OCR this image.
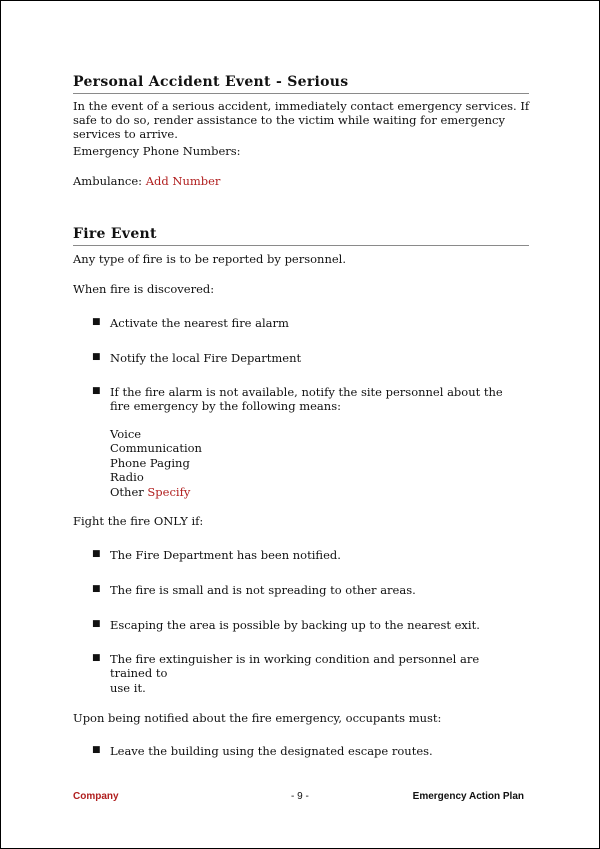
Personal Accident Event - Serious

In the event of a serious accident, immediately contact emergency services. If safe to do so, render assistance to the victim while waiting for emergency services to arrive.

Emergency Phone Numbers:

Ambulance: Add Number

Fire Event

Any type of fire is to be reported by personnel.

When fire is discovered:

■ Activate the nearest fire alarm

■ Notify the local Fire Department

■ If the fire alarm is not available, notify the site personnel about the fire emergency by the following means:

Voice
Communication
Phone Paging
Radio
Other Specify

Fight the fire ONLY if:

■ The Fire Department has been notified.

■ The fire is small and is not spreading to other areas.

■ Escaping the area is possible by backing up to the nearest exit.

■ The fire extinguisher is in working condition and personnel are trained to

use it.

Upon being notified about the fire emergency, occupants must:

■ Leave the building using the designated escape routes.

Company	- 9 -	Emergency Action Plan
